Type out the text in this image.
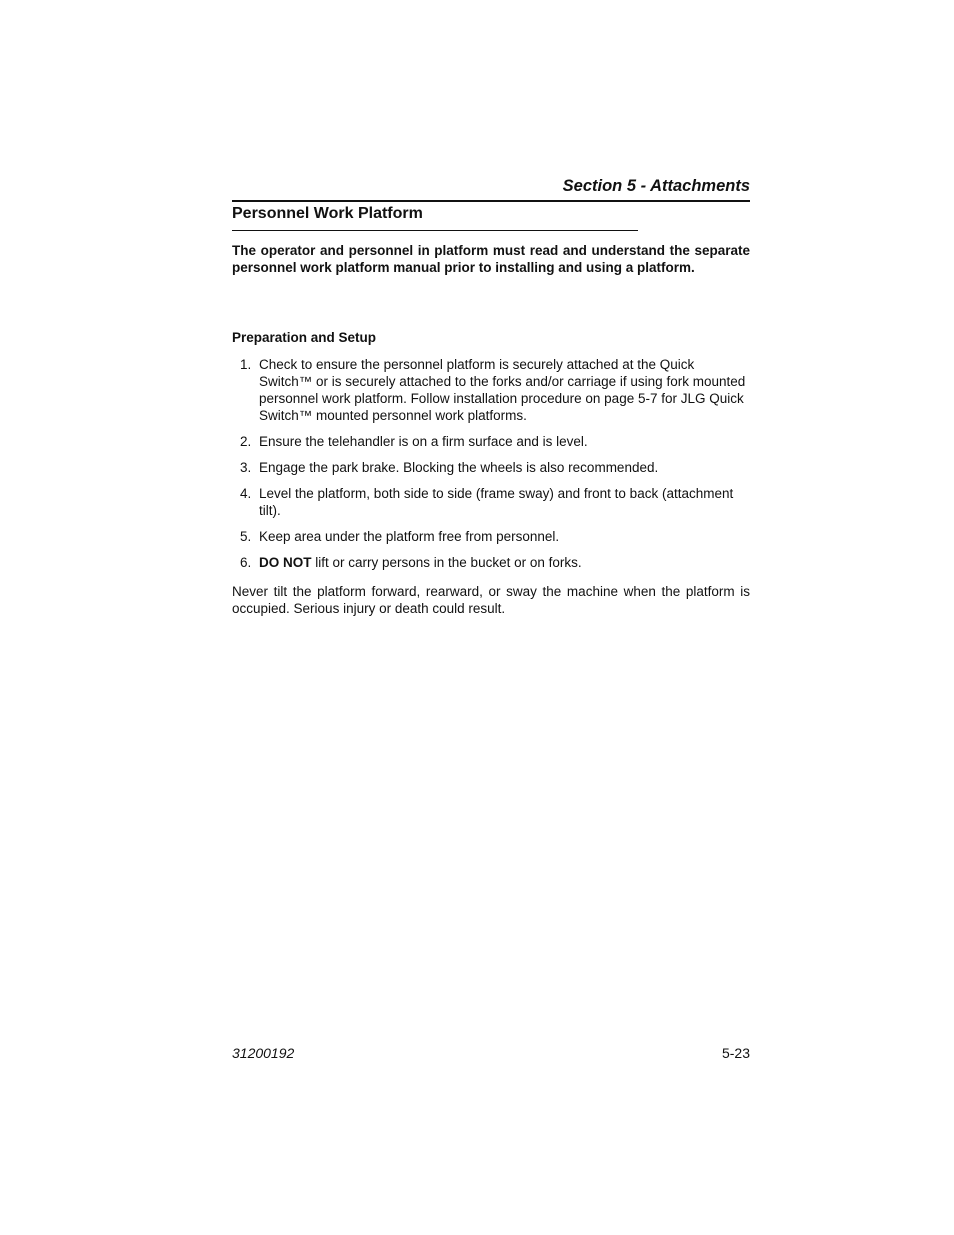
Section 5 - Attachments
Personnel Work Platform
The operator and personnel in platform must read and understand the separate personnel work platform manual prior to installing and using a platform.
Preparation and Setup
1. Check to ensure the personnel platform is securely attached at the Quick Switch™ or is securely attached to the forks and/or carriage if using fork mounted personnel work platform. Follow installation procedure on page 5-7 for JLG Quick Switch™ mounted personnel work platforms.
2. Ensure the telehandler is on a firm surface and is level.
3. Engage the park brake. Blocking the wheels is also recommended.
4. Level the platform, both side to side (frame sway) and front to back (attachment tilt).
5. Keep area under the platform free from personnel.
6. DO NOT lift or carry persons in the bucket or on forks.
Never tilt the platform forward, rearward, or sway the machine when the platform is occupied. Serious injury or death could result.
31200192	5-23
